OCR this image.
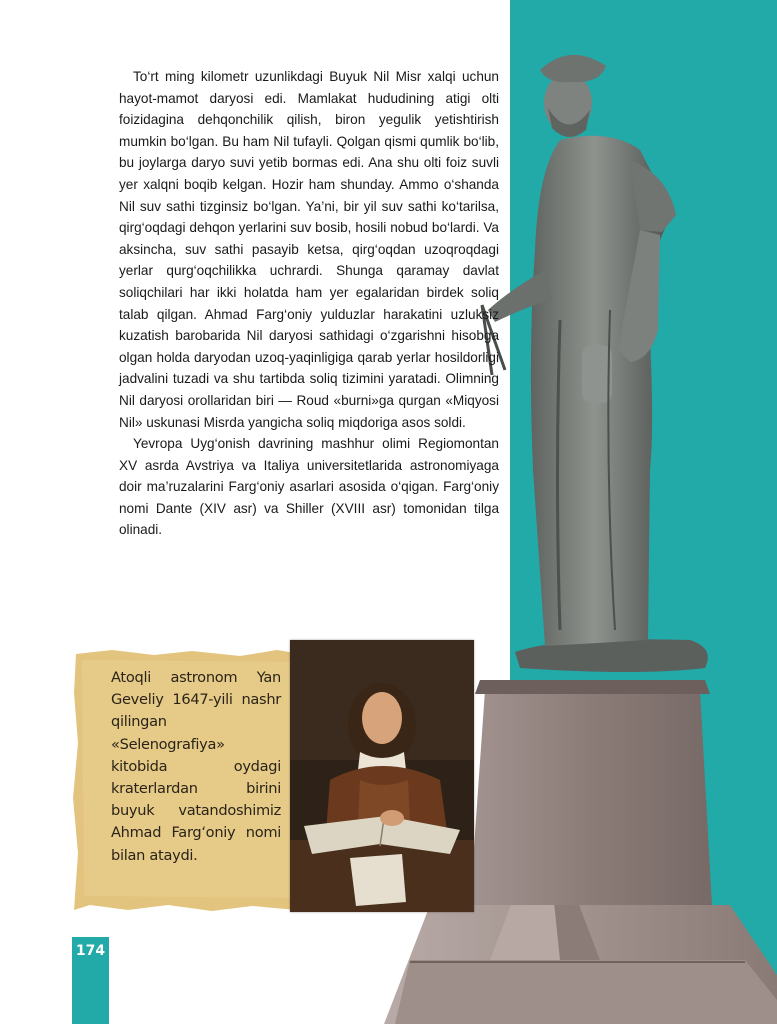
To‘rt ming kilometr uzunlikdagi Buyuk Nil Misr xalqi uchun hayot-mamot daryosi edi. Mamlakat hududining atigi olti foizidagina dehqonchilik qilish, biron yegulik yetishtirish mumkin bo‘lgan. Bu ham Nil tufayli. Qolgan qismi qumlik bo‘lib, bu joylarga daryo suvi yetib bormas edi. Ana shu olti foiz suvli yer xalqni boqib kelgan. Hozir ham shunday. Ammo o‘shanda Nil suv sathi tizginsiz bo‘lgan. Ya’ni, bir yil suv sathi ko‘tarilsa, qirg‘oqdagi dehqon yerlarini suv bosib, hosili nobud bo‘lardi. Va aksincha, suv sathi pasayib ketsa, qirg‘oqdan uzoqroqdagi yerlar qurg‘oqchilikka uchrardi. Shunga qaramay davlat soliqchilari har ikki holatda ham yer egalaridan birdek soliq talab qilgan. Ahmad Farg‘oniy yulduzlar harakatini uzluksiz kuzatish barobarida Nil daryosi sathidagi o‘zgarishni hisobga olgan holda daryodan uzoq-yaqinligiga qarab yerlar hosildorligi jadvalini tuzadi va shu tartibda soliq tizimini yaratadi. Olimning Nil daryosi orollaridan biri — Roud «burni»ga qurgan «Miqyosi Nil» uskunasi Misrda yangicha soliq miqdoriga asos soldi.

Yevropa Uyg‘onish davrining mashhur olimi Regiomontan XV asrda Avstriya va Italiya universitetlarida astronomiyaga doir ma’ruzalarini Farg‘oniy asarlari asosida o‘qigan. Farg‘oniy nomi Dante (XIV asr) va Shiller (XVIII asr) tomonidan tilga olinadi.

Atoqli astronom Yan Geveliy 1647-yili nashr qilingan «Selenografiya» kitobida oydagi kraterlardan birini buyuk vatandoshimiz Ahmad Farg‘oniy nomi bilan ataydi.
174
